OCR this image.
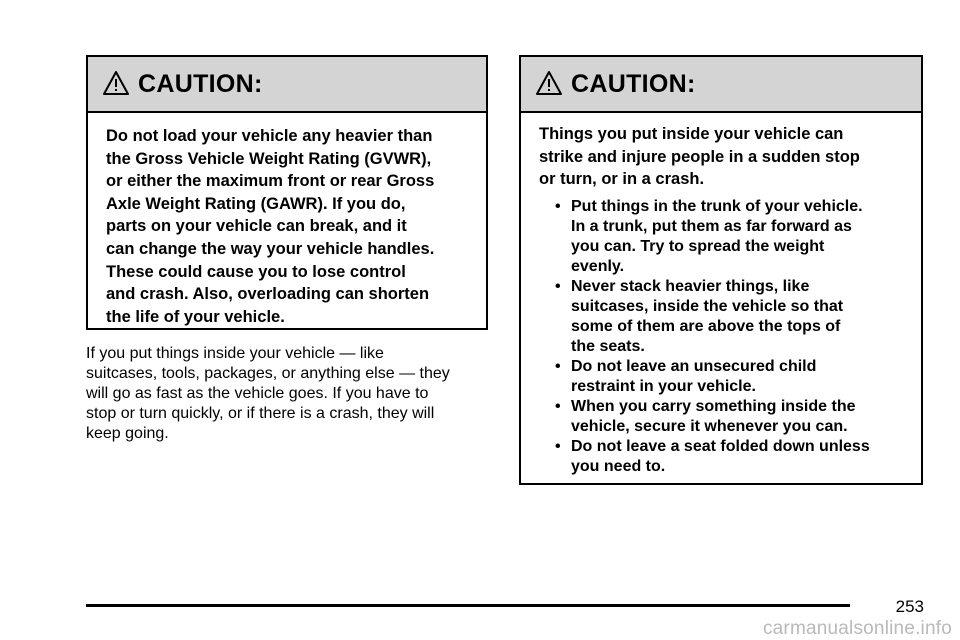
CAUTION:

Do not load your vehicle any heavier than

the Gross Vehicle Weight Rating (GVWR),

or either the maximum front or rear Gross

Axle Weight Rating (GAWR). If you do,

parts on your vehicle can break, and it

can change the way your vehicle handles.

These could cause you to lose control

and crash. Also, overloading can shorten

the life of your vehicle.

If you put things inside your vehicle — like
suitcases, tools, packages, or anything else — they
will go as fast as the vehicle goes. If you have to
stop or turn quickly, or if there is a crash, they will
keep going.
CAUTION:

Things you put inside your vehicle can

strike and injure people in a sudden stop

or turn, or in a crash.

• Put things in the trunk of your vehicle.
In a trunk, put them as far forward as
you can. Try to spread the weight
evenly.
• Never stack heavier things, like
suitcases, inside the vehicle so that
some of them are above the tops of
the seats.
• Do not leave an unsecured child
restraint in your vehicle.
• When you carry something inside the
vehicle, secure it whenever you can.
• Do not leave a seat folded down unless
you need to.
253
carmanualsonline.info
